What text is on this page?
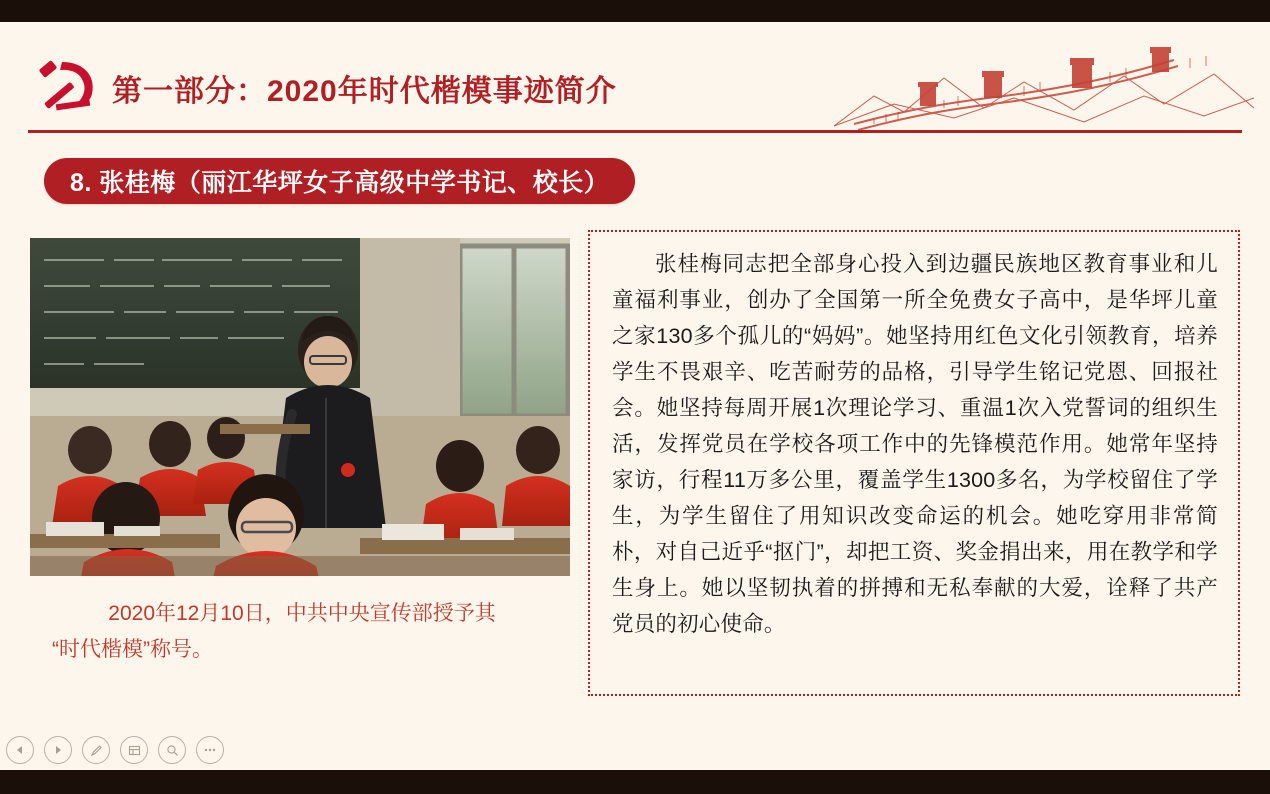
第一部分：2020年时代楷模事迹简介
8. 张桂梅（丽江华坪女子高级中学书记、校长）
2020年12月10日，中共中央宣传部授予其
“时代楷模”称号。

张桂梅同志把全部身心投入到边疆民族地区教育事业和儿童福利事业，创办了全国第一所全免费女子高中，是华坪儿童之家130多个孤儿的“妈妈”。她坚持用红色文化引领教育，培养学生不畏艰辛、吃苦耐劳的品格，引导学生铭记党恩、回报社会。她坚持每周开展1次理论学习、重温1次入党誓词的组织生活，发挥党员在学校各项工作中的先锋模范作用。她常年坚持家访，行程11万多公里，覆盖学生1300多名，为学校留住了学生，为学生留住了用知识改变命运的机会。她吃穿用非常简朴，对自己近乎“抠门”，却把工资、奖金捐出来，用在教学和学生身上。她以坚韧执着的拼搏和无私奉献的大爱，诠释了共产党员的初心使命。
